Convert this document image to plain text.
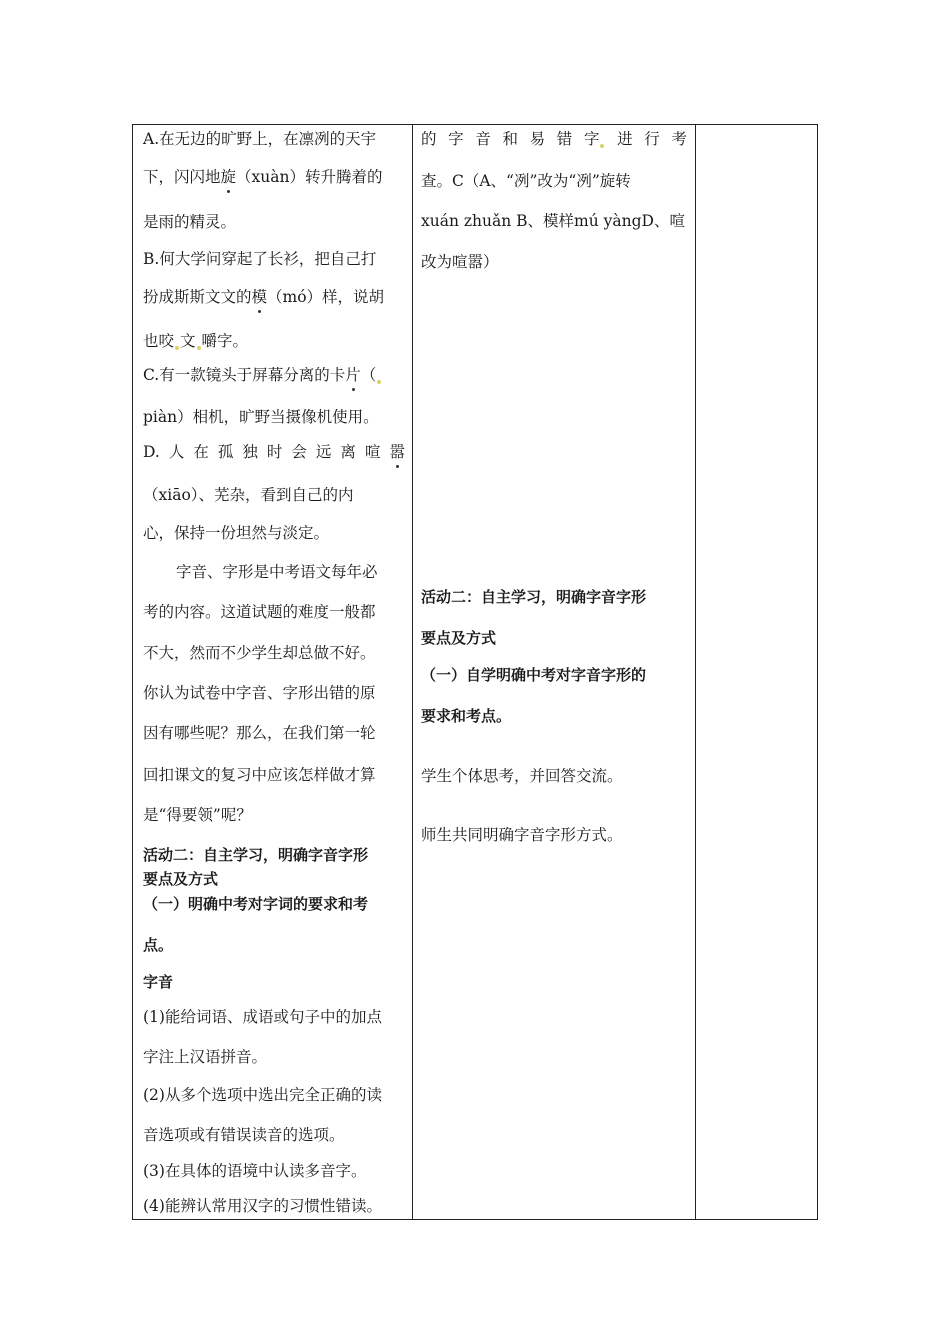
A.在无边的旷野上，在凛冽的天宇
下，闪闪地旋（xuàn）转升腾着的
是雨的精灵。
B.何大学问穿起了长衫，把自己打
扮成斯斯文文的模（mó）样，说胡
也咬 文 嚼字。
C.有一款镜头于屏幕分离的卡片（
piàn）相机，旷野当摄像机使用。
D. 人 在 孤 独 时 会 远 离 喧 嚣
（xiāo）、芜杂，看到自己的内
心，保持一份坦然与淡定。
字音、字形是中考语文每年必
考的内容。这道试题的难度一般都
不大，然而不少学生却总做不好。
你认为试卷中字音、字形出错的原
因有哪些呢？那么，在我们第一轮
回扣课文的复习中应该怎样做才算
是“得要领”呢？
活动二：自主学习，明确字音字形
要点及方式
（一）明确中考对字词的要求和考
点。
字音
(1)能给词语、成语或句子中的加点
字注上汉语拼音。
(2)从多个选项中选出完全正确的读
音选项或有错误读音的选项。
(3)在具体的语境中认读多音字。
(4)能辨认常用汉字的习惯性错读。
的 字 音 和 易 错 字	进 行 考
查。C（A、“冽”改为“冽”旋转
xuán zhuǎn B、模样mú yàngD、喧
改为喧嚣）
活动二：自主学习，明确字音字形
要点及方式
（一）自学明确中考对字音字形的
要求和考点。
学生个体思考，并回答交流。
师生共同明确字音字形方式。
